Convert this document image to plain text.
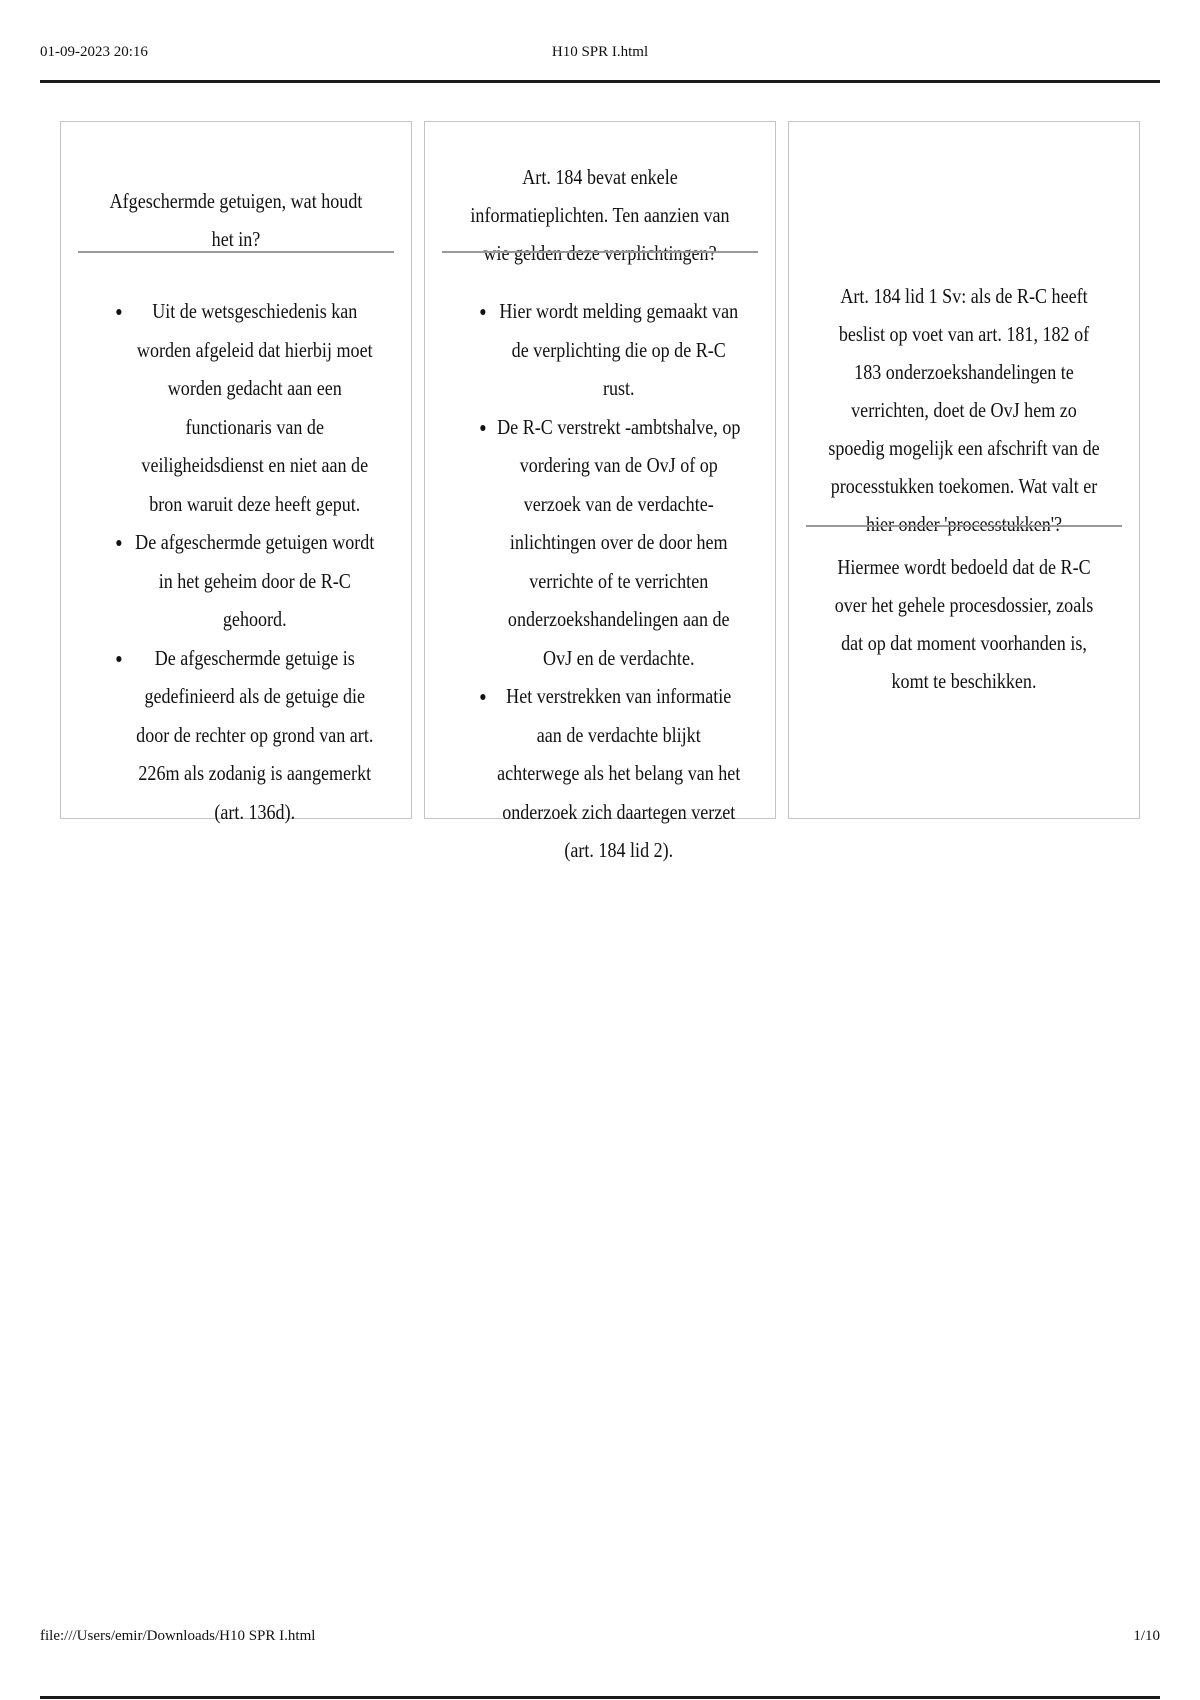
01-09-2023 20:16	H10 SPR I.html
Afgeschermde getuigen, wat houdt het in?
• Uit de wetsgeschiedenis kan worden afgeleid dat hierbij moet worden gedacht aan een functionaris van de veiligheidsdienst en niet aan de bron waruit deze heeft geput.
• De afgeschermde getuigen wordt in het geheim door de R-C gehoord.
• De afgeschermde getuige is gedefinieerd als de getuige die door de rechter op grond van art. 226m als zodanig is aangemerkt (art. 136d).
Art. 184 bevat enkele informatieplichten. Ten aanzien van wie gelden deze verplichtingen?
• Hier wordt melding gemaakt van de verplichting die op de R-C rust.
• De R-C verstrekt -ambtshalve, op vordering van de OvJ of op verzoek van de verdachte- inlichtingen over de door hem verrichte of te verrichten onderzoekshandelingen aan de OvJ en de verdachte.
• Het verstrekken van informatie aan de verdachte blijkt achterwege als het belang van het onderzoek zich daartegen verzet (art. 184 lid 2).
Art. 184 lid 1 Sv: als de R-C heeft beslist op voet van art. 181, 182 of 183 onderzoekshandelingen te verrichten, doet de OvJ hem zo spoedig mogelijk een afschrift van de processtukken toekomen. Wat valt er hier onder 'processtukken'?
Hiermee wordt bedoeld dat de R-C over het gehele procesdossier, zoals dat op dat moment voorhanden is, komt te beschikken.
file:///Users/emir/Downloads/H10 SPR I.html	1/10
